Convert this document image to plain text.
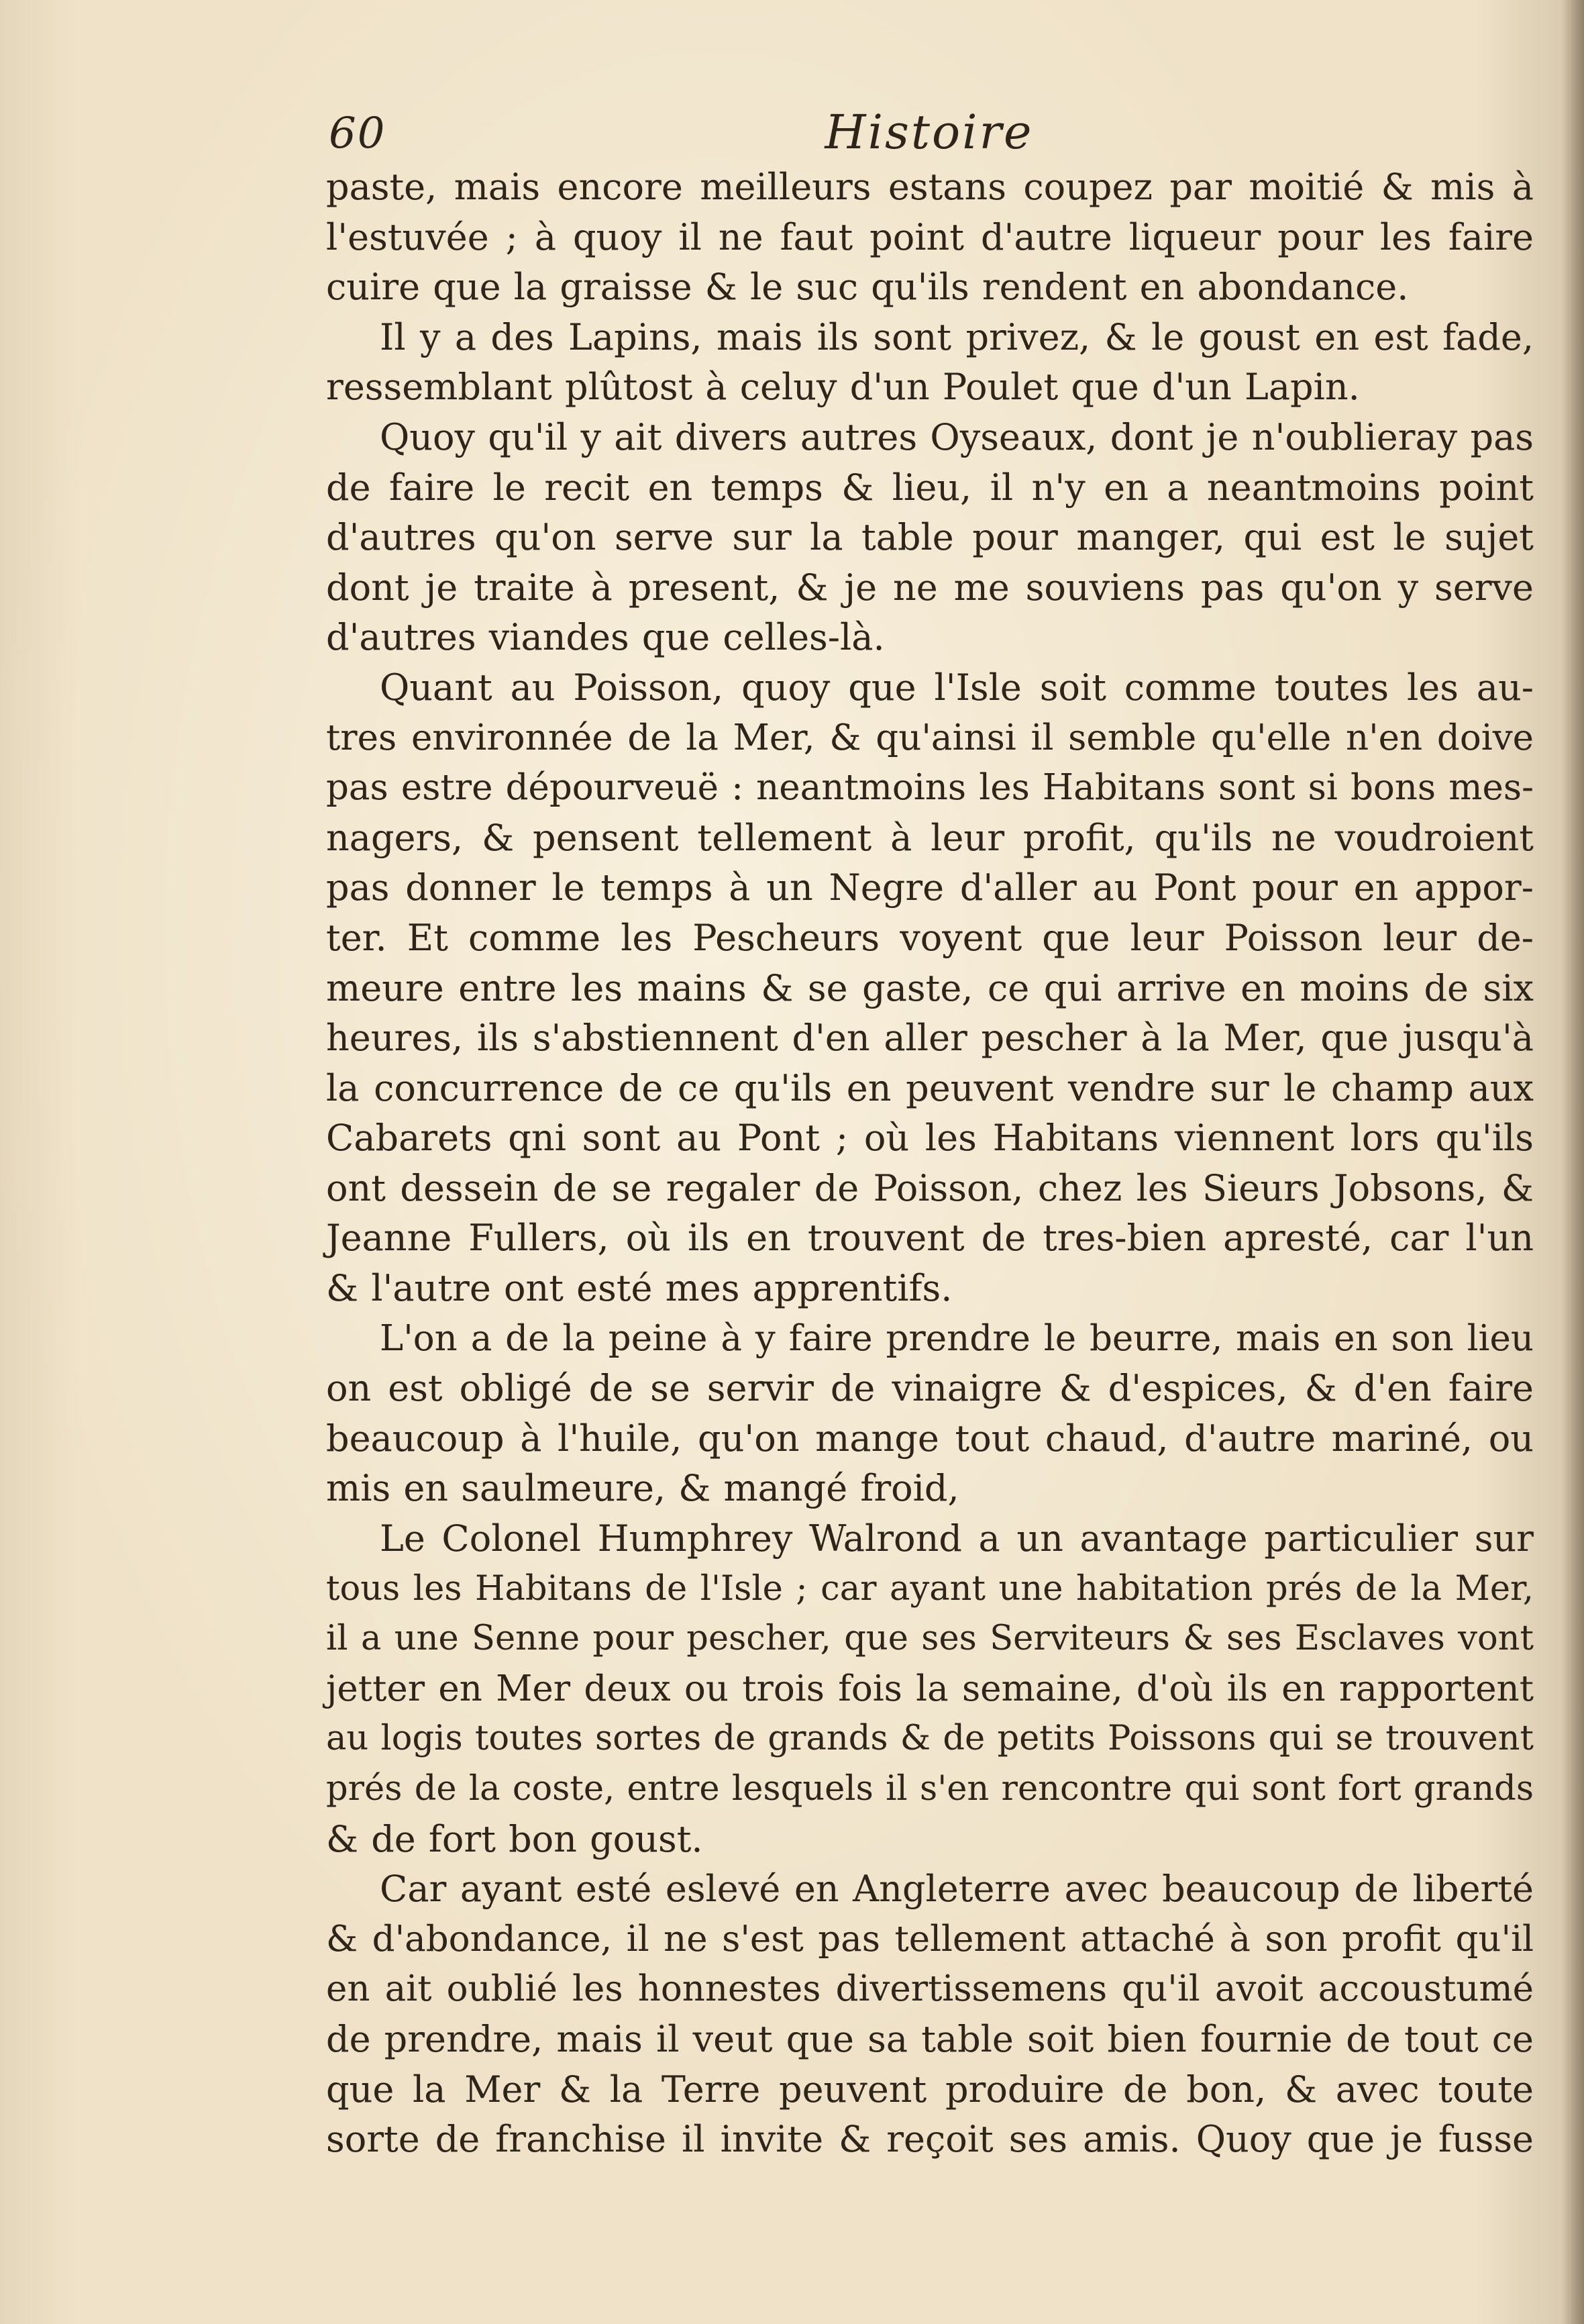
60	Histoire
paste, mais encore meilleurs estans coupez par moitié & mis à
l'estuvée ; à quoy il ne faut point d'autre liqueur pour les faire
cuire que la graisse & le suc qu'ils rendent en abondance.
Il y a des Lapins, mais ils sont privez, & le goust en est fade,
ressemblant plûtost à celuy d'un Poulet que d'un Lapin.
Quoy qu'il y ait divers autres Oyseaux, dont je n'oublieray pas
de faire le recit en temps & lieu, il n'y en a neantmoins point
d'autres qu'on serve sur la table pour manger, qui est le sujet
dont je traite à present, & je ne me souviens pas qu'on y serve
d'autres viandes que celles-là.
Quant au Poisson, quoy que l'Isle soit comme toutes les au-
tres environnée de la Mer, & qu'ainsi il semble qu'elle n'en doive
pas estre dépourveuë : neantmoins les Habitans sont si bons mes-
nagers, & pensent tellement à leur profit, qu'ils ne voudroient
pas donner le temps à un Negre d'aller au Pont pour en appor-
ter. Et comme les Pescheurs voyent que leur Poisson leur de-
meure entre les mains & se gaste, ce qui arrive en moins de six
heures, ils s'abstiennent d'en aller pescher à la Mer, que jusqu'à
la concurrence de ce qu'ils en peuvent vendre sur le champ aux
Cabarets qni sont au Pont ; où les Habitans viennent lors qu'ils
ont dessein de se regaler de Poisson, chez les Sieurs Jobsons, &
Jeanne Fullers, où ils en trouvent de tres-bien apresté, car l'un
& l'autre ont esté mes apprentifs.
L'on a de la peine à y faire prendre le beurre, mais en son lieu
on est obligé de se servir de vinaigre & d'espices, & d'en faire
beaucoup à l'huile, qu'on mange tout chaud, d'autre mariné, ou
mis en saulmeure, & mangé froid,
Le Colonel Humphrey Walrond a un avantage particulier sur
tous les Habitans de l'Isle ; car ayant une habitation prés de la Mer,
il a une Senne pour pescher, que ses Serviteurs & ses Esclaves vont
jetter en Mer deux ou trois fois la semaine, d'où ils en rapportent
au logis toutes sortes de grands & de petits Poissons qui se trouvent
prés de la coste, entre lesquels il s'en rencontre qui sont fort grands
& de fort bon goust.
Car ayant esté eslevé en Angleterre avec beaucoup de liberté
& d'abondance, il ne s'est pas tellement attaché à son profit qu'il
en ait oublié les honnestes divertissemens qu'il avoit accoustumé
de prendre, mais il veut que sa table soit bien fournie de tout ce
que la Mer & la Terre peuvent produire de bon, & avec toute
sorte de franchise il invite & reçoit ses amis. Quoy que je fusse
